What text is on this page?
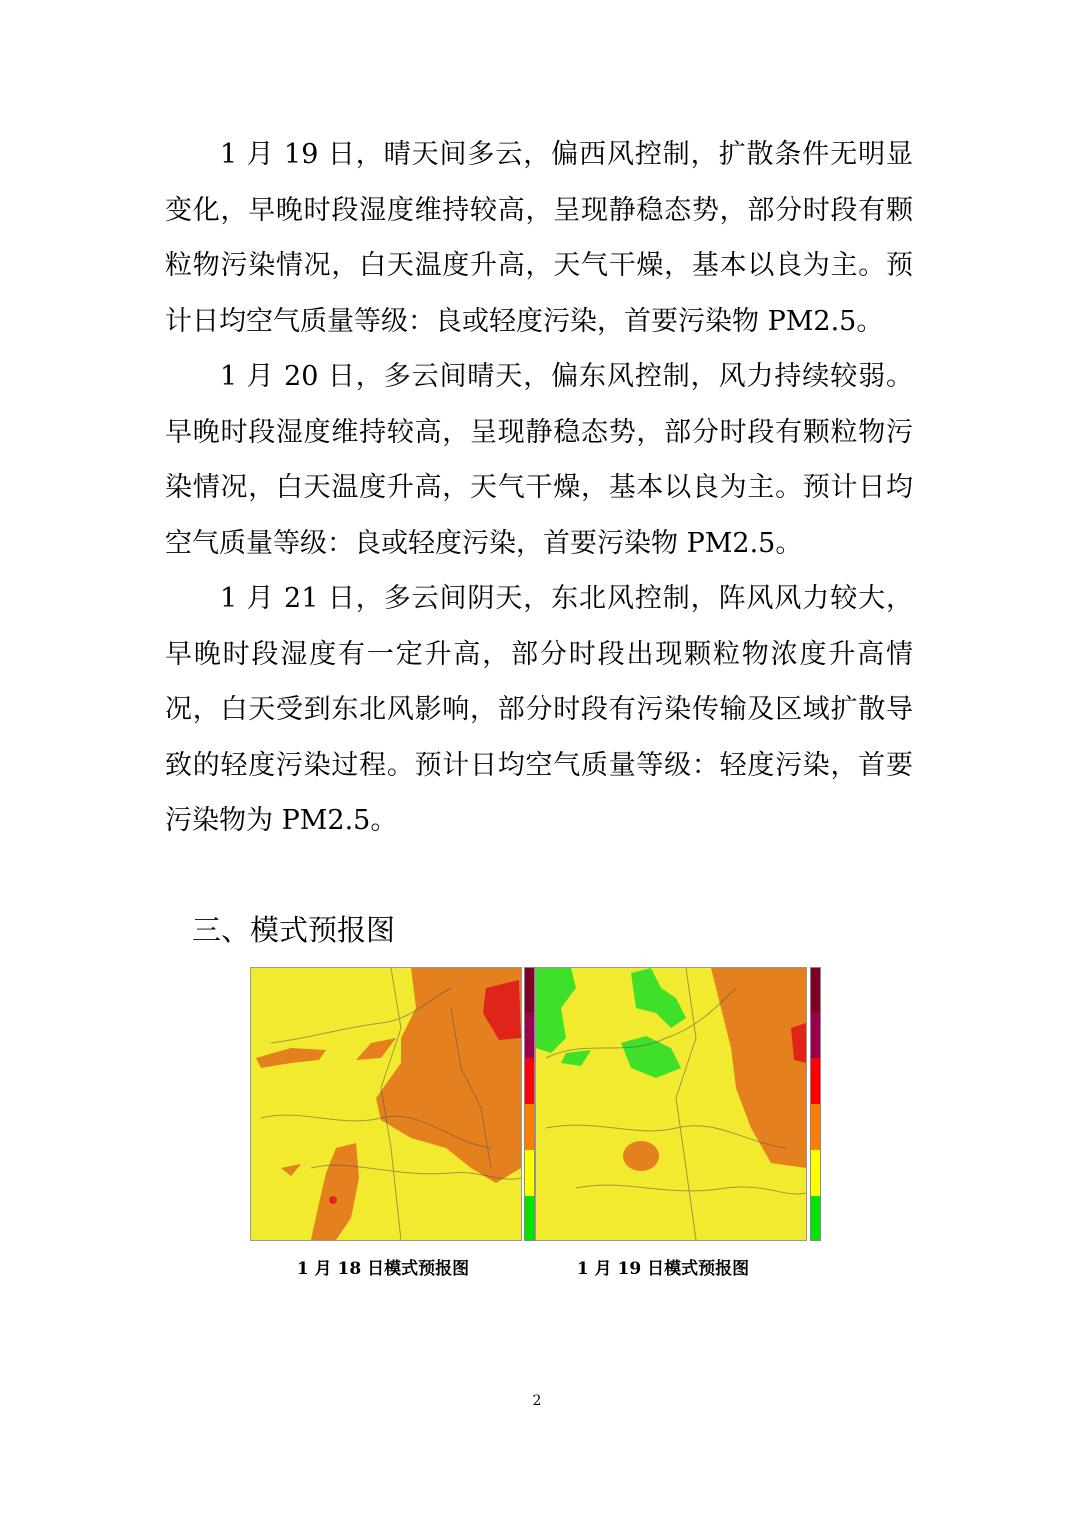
1 月 19 日，晴天间多云，偏西风控制，扩散条件无明显变化，早晚时段湿度维持较高，呈现静稳态势，部分时段有颗粒物污染情况，白天温度升高，天气干燥，基本以良为主。预计日均空气质量等级：良或轻度污染，首要污染物 PM2.5。

1 月 20 日，多云间晴天，偏东风控制，风力持续较弱。早晚时段湿度维持较高，呈现静稳态势，部分时段有颗粒物污染情况，白天温度升高，天气干燥，基本以良为主。预计日均空气质量等级：良或轻度污染，首要污染物 PM2.5。

1 月 21 日，多云间阴天，东北风控制，阵风风力较大，早晚时段湿度有一定升高，部分时段出现颗粒物浓度升高情况，白天受到东北风影响，部分时段有污染传输及区域扩散导致的轻度污染过程。预计日均空气质量等级：轻度污染，首要污染物为 PM2.5。

三、模式预报图
1 月 18 日模式预报图	1 月 19 日模式预报图
2
